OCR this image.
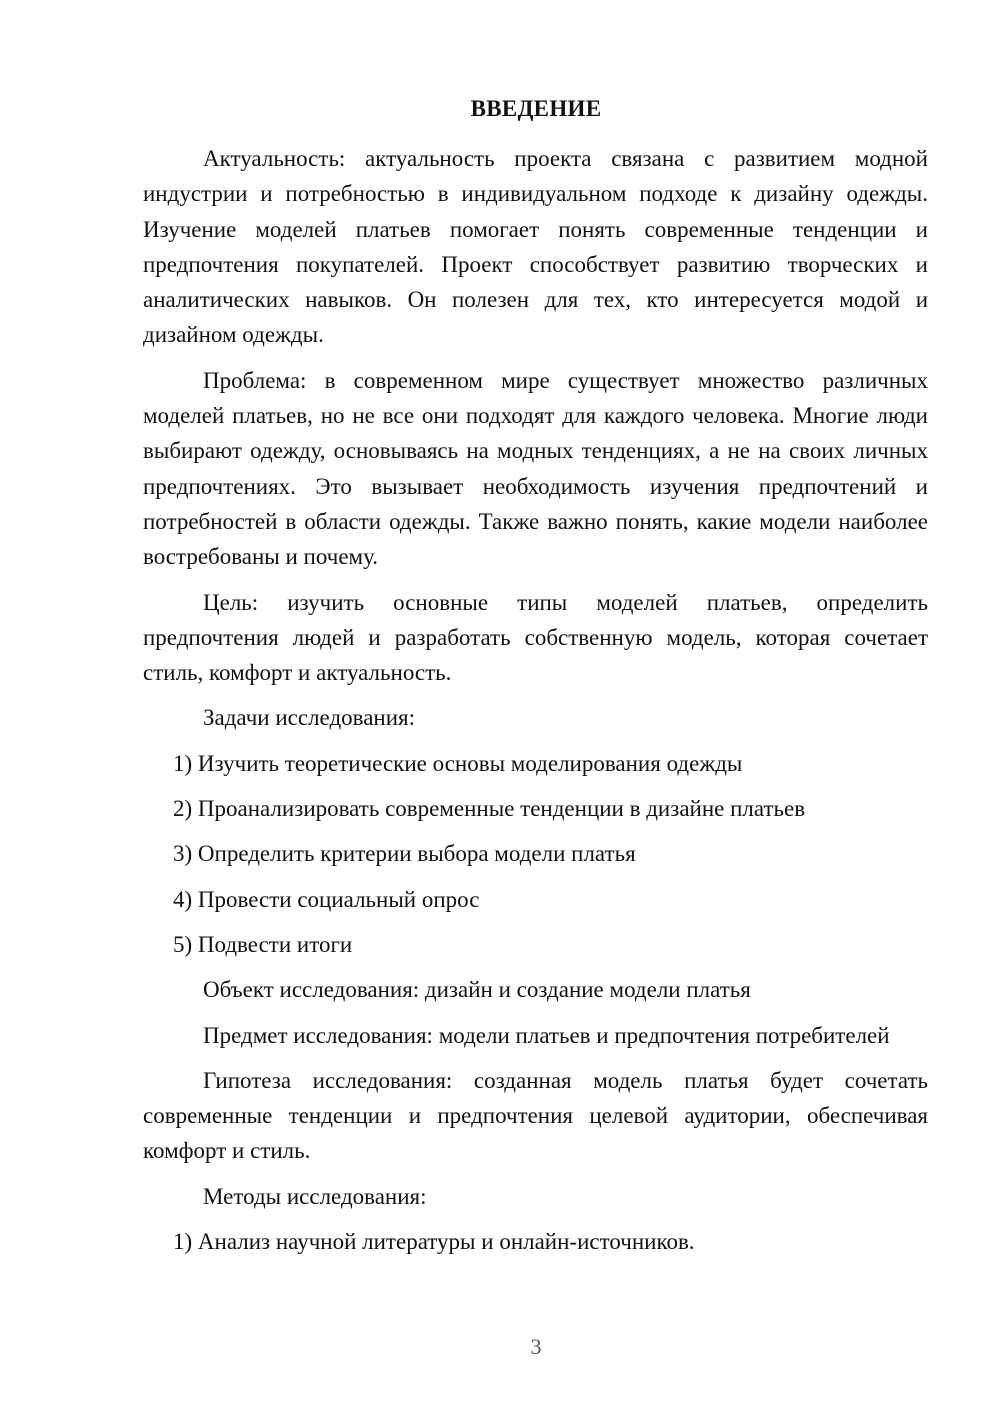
ВВЕДЕНИЕ

Актуальность: актуальность проекта связана с развитием модной индустрии и потребностью в индивидуальном подходе к дизайну одежды. Изучение моделей платьев помогает понять современные тенденции и предпочтения покупателей. Проект способствует развитию творческих и аналитических навыков. Он полезен для тех, кто интересуется модой и дизайном одежды.

Проблема: в современном мире существует множество различных моделей платьев, но не все они подходят для каждого человека. Многие люди выбирают одежду, основываясь на модных тенденциях, а не на своих личных предпочтениях. Это вызывает необходимость изучения предпочтений и потребностей в области одежды. Также важно понять, какие модели наиболее востребованы и почему.

Цель: изучить основные типы моделей платьев, определить предпочтения людей и разработать собственную модель, которая сочетает стиль, комфорт и актуальность.

Задачи исследования:

1) Изучить теоретические основы моделирования одежды

2) Проанализировать современные тенденции в дизайне платьев

3) Определить критерии выбора модели платья

4) Провести социальный опрос

5) Подвести итоги

Объект исследования: дизайн и создание модели платья

Предмет исследования: модели платьев и предпочтения потребителей

Гипотеза исследования: созданная модель платья будет сочетать современные тенденции и предпочтения целевой аудитории, обеспечивая комфорт и стиль.

Методы исследования:

1) Анализ научной литературы и онлайн-источников.

3
